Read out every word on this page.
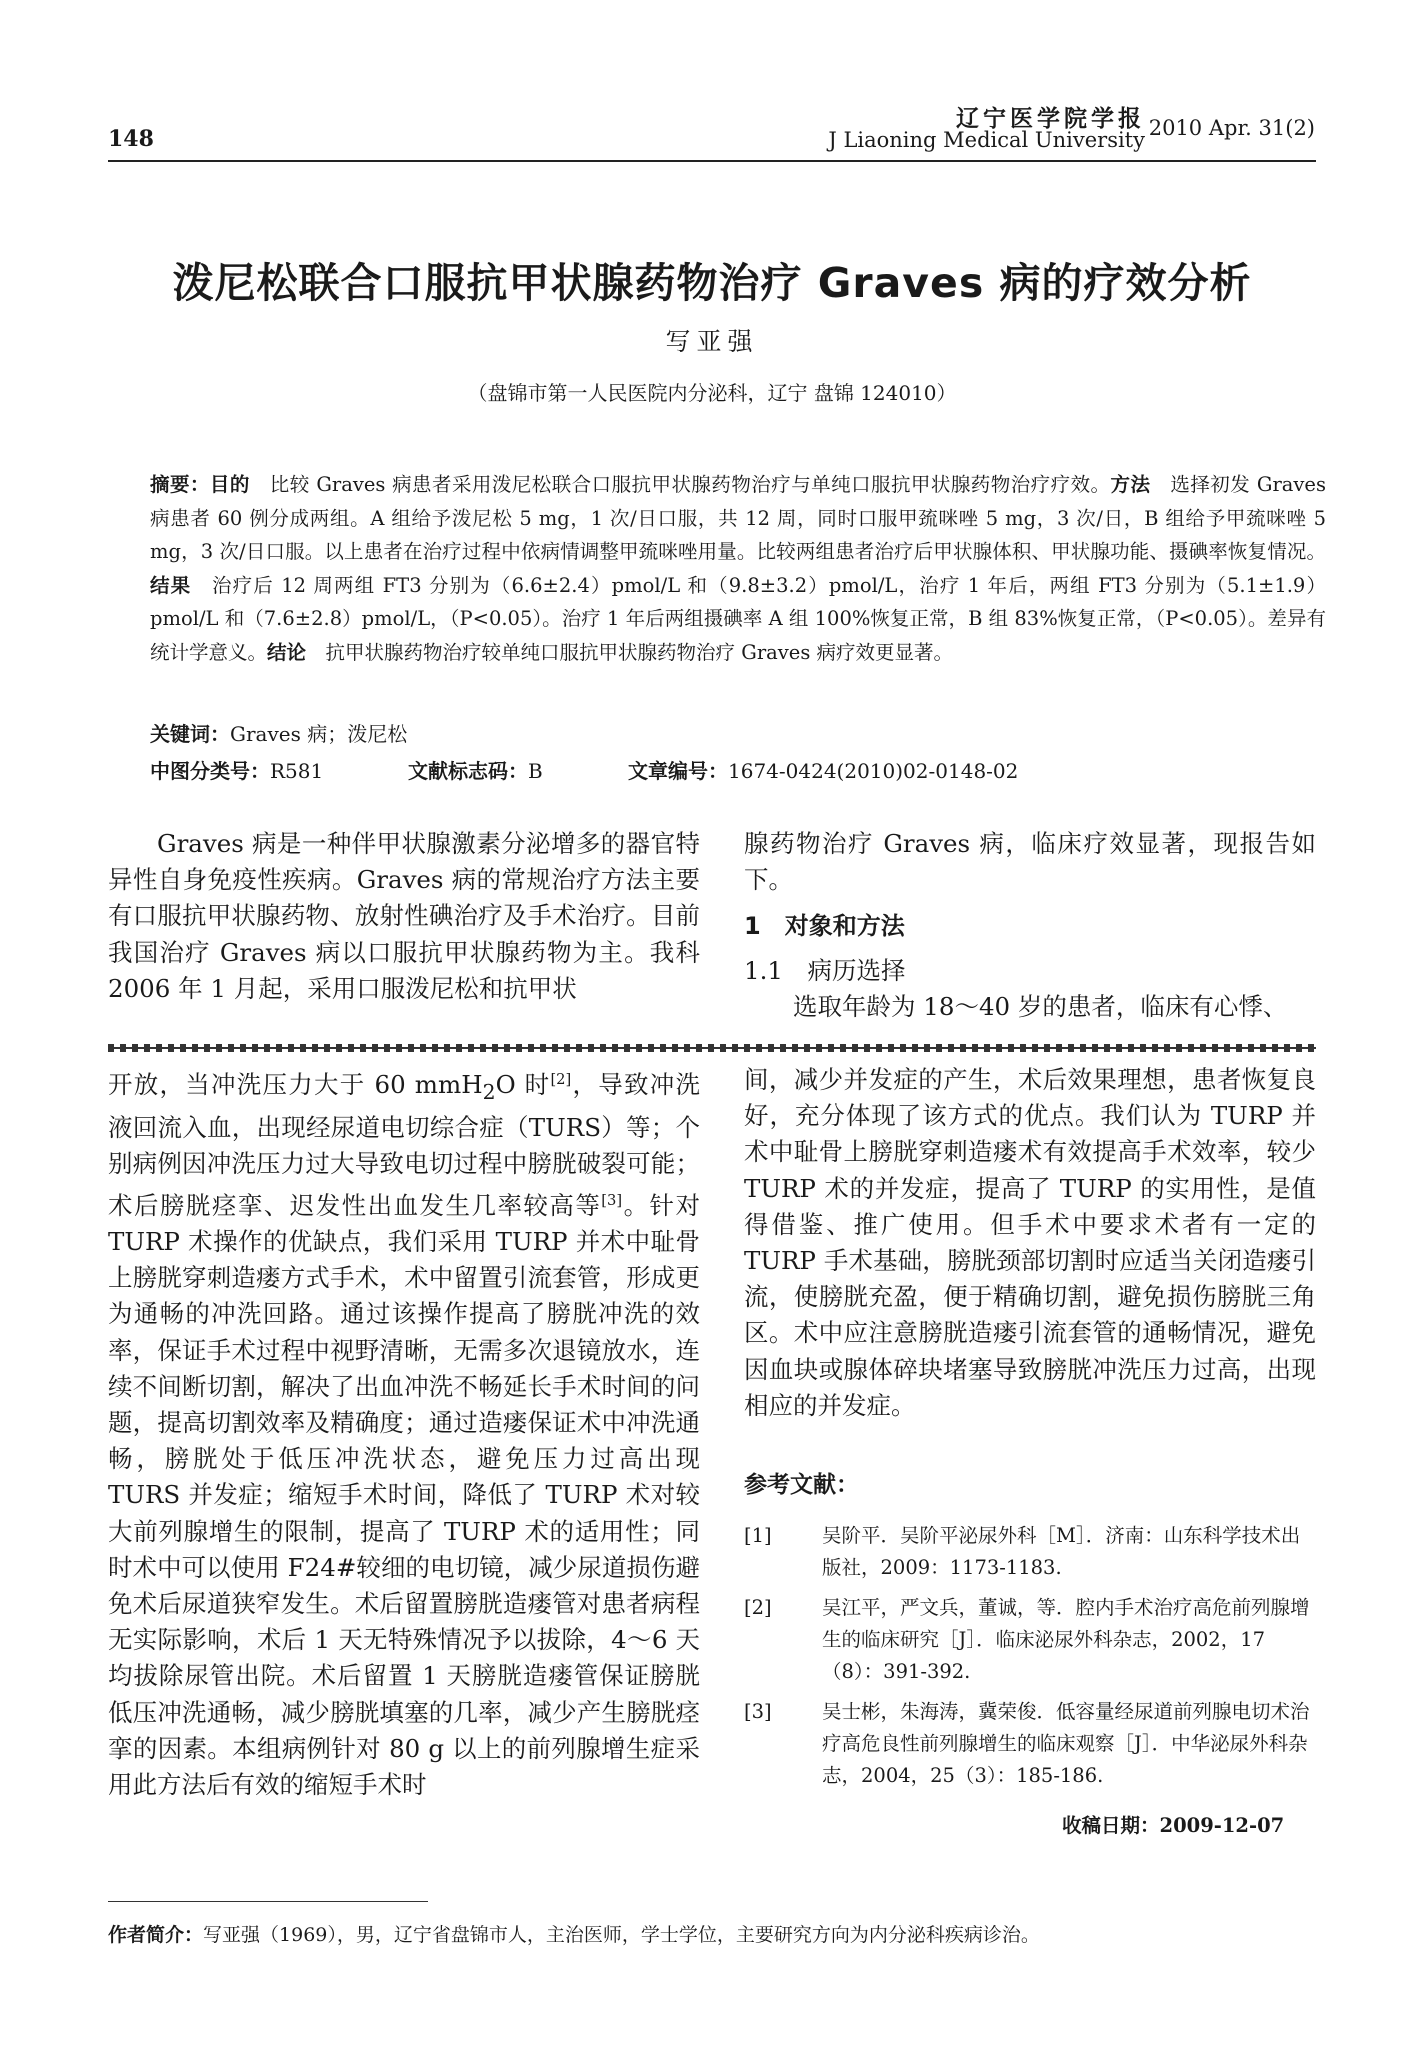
148
辽宁医学院学报
J Liaoning Medical University 2010 Apr. 31(2)
泼尼松联合口服抗甲状腺药物治疗 Graves 病的疗效分析
写亚强
（盘锦市第一人民医院内分泌科，辽宁 盘锦 124010）
摘要：目的　 比较 Graves 病患者采用泼尼松联合口服抗甲状腺药物治疗与单纯口服抗甲状腺药物治疗疗效。方法　 选择初发 Graves 病患者 60 例分成两组。A 组给予泼尼松 5 mg，1 次/日口服，共 12 周，同时口服甲巯咪唑 5 mg，3 次/日，B 组给予甲巯咪唑 5 mg，3 次/日口服。以上患者在治疗过程中依病情调整甲巯咪唑用量。比较两组患者治疗后甲状腺体积、甲状腺功能、摄碘率恢复情况。结果　 治疗后 12 周两组 FT3 分别为（6.6±2.4）pmol/L 和（9.8±3.2）pmol/L，治疗 1 年后，两组 FT3 分别为（5.1±1.9）pmol/L 和（7.6±2.8）pmol/L，（P<0.05）。治疗 1 年后两组摄碘率 A 组 100%恢复正常，B 组 83%恢复正常，（P<0.05）。差异有统计学意义。结论　 抗甲状腺药物治疗较单纯口服抗甲状腺药物治疗 Graves 病疗效更显著。
关键词：Graves 病；泼尼松
中图分类号：R581	文献标志码：B	文章编号：1674-0424(2010)02-0148-02

Graves 病是一种伴甲状腺激素分泌增多的器官特异性自身免疫性疾病。Graves 病的常规治疗方法主要有口服抗甲状腺药物、放射性碘治疗及手术治疗。目前我国治疗 Graves 病以口服抗甲状腺药物为主。我科 2006 年 1 月起，采用口服泼尼松和抗甲状

腺药物治疗 Graves 病，临床疗效显著，现报告如下。

1　对象和方法

1.1　病历选择

选取年龄为 18～40 岁的患者，临床有心悸、

开放，当冲洗压力大于 60 mmH$_2$O 时[2]，导致冲洗液回流入血，出现经尿道电切综合症（TURS）等；个别病例因冲洗压力过大导致电切过程中膀胱破裂可能；术后膀胱痉挛、迟发性出血发生几率较高等[3]。针对 TURP 术操作的优缺点，我们采用 TURP 并术中耻骨上膀胱穿刺造瘘方式手术，术中留置引流套管，形成更为通畅的冲洗回路。通过该操作提高了膀胱冲洗的效率，保证手术过程中视野清晰，无需多次退镜放水，连续不间断切割，解决了出血冲洗不畅延长手术时间的问题，提高切割效率及精确度；通过造瘘保证术中冲洗通畅，膀胱处于低压冲洗状态，避免压力过高出现 TURS 并发症；缩短手术时间，降低了 TURP 术对较大前列腺增生的限制，提高了 TURP 术的适用性；同时术中可以使用 F24#较细的电切镜，减少尿道损伤避免术后尿道狭窄发生。术后留置膀胱造瘘管对患者病程无实际影响，术后 1 天无特殊情况予以拔除，4～6 天均拔除尿管出院。术后留置 1 天膀胱造瘘管保证膀胱低压冲洗通畅，减少膀胱填塞的几率，减少产生膀胱痉挛的因素。本组病例针对 80 g 以上的前列腺增生症采用此方法后有效的缩短手术时

间，减少并发症的产生，术后效果理想，患者恢复良好，充分体现了该方式的优点。我们认为 TURP 并术中耻骨上膀胱穿刺造瘘术有效提高手术效率，较少 TURP 术的并发症，提高了 TURP 的实用性，是值得借鉴、推广使用。但手术中要求术者有一定的 TURP 手术基础，膀胱颈部切割时应适当关闭造瘘引流，使膀胱充盈，便于精确切割，避免损伤膀胱三角区。术中应注意膀胱造瘘引流套管的通畅情况，避免因血块或腺体碎块堵塞导致膀胱冲洗压力过高，出现相应的并发症。

参考文献：
[1]	吴阶平．吴阶平泌尿外科［M］．济南：山东科学技术出版社，2009：1173-1183.
[2]	吴江平，严文兵，董诚，等．腔内手术治疗高危前列腺增生的临床研究［J］．临床泌尿外科杂志，2002，17（8）：391-392.
[3]	吴士彬，朱海涛，冀荣俊．低容量经尿道前列腺电切术治疗高危良性前列腺增生的临床观察［J］．中华泌尿外科杂志，2004，25（3）：185-186.
收稿日期：2009-12-07
作者简介：写亚强（1969），男，辽宁省盘锦市人，主治医师，学士学位，主要研究方向为内分泌科疾病诊治。
